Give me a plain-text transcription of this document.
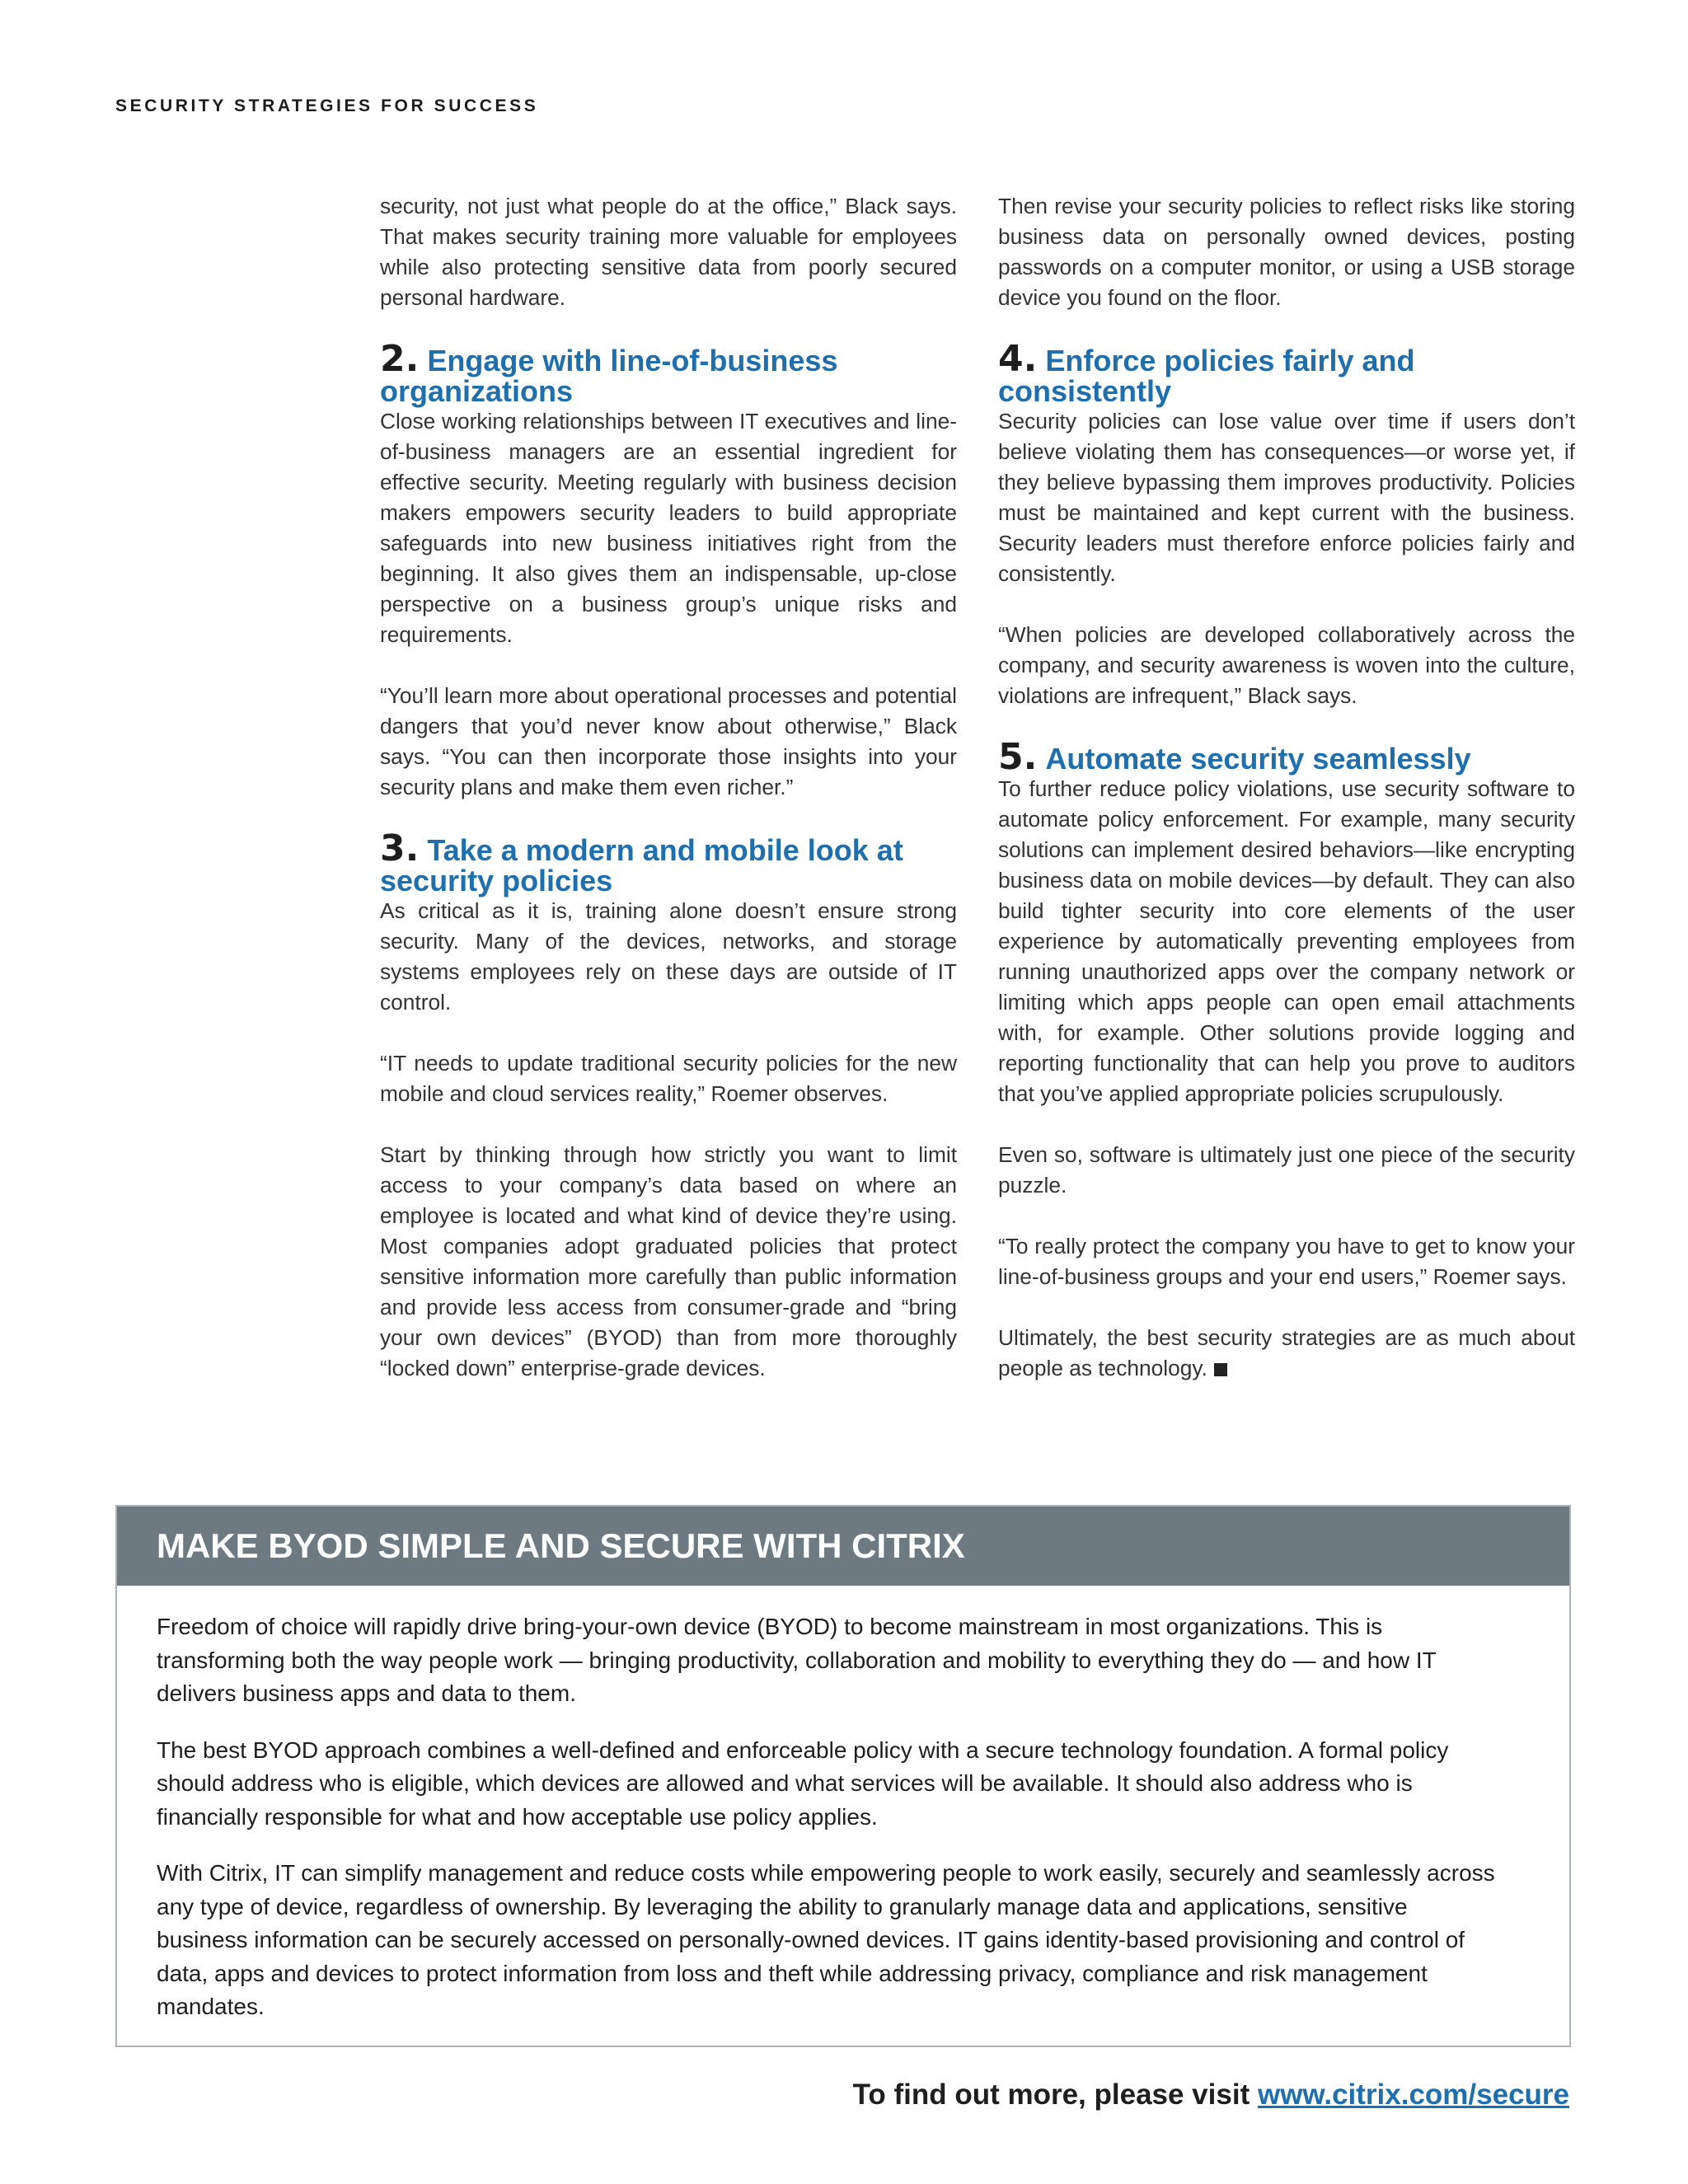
SECURITY STRATEGIES FOR SUCCESS

security, not just what people do at the office,” Black says. That makes security training more valuable for employees while also protecting sensitive data from poorly secured personal hardware.

2. Engage with line-of-business organizations

Close working relationships between IT executives and line-of-business managers are an essential ingredient for effective security. Meeting regularly with business decision makers empowers security leaders to build appropriate safeguards into new business initiatives right from the beginning. It also gives them an indispensable, up-close perspective on a business group’s unique risks and requirements.

“You’ll learn more about operational processes and potential dangers that you’d never know about otherwise,” Black says. “You can then incorporate those insights into your security plans and make them even richer.”

3. Take a modern and mobile look at security policies

As critical as it is, training alone doesn’t ensure strong security. Many of the devices, networks, and storage systems employees rely on these days are outside of IT control.

“IT needs to update traditional security policies for the new mobile and cloud services reality,” Roemer observes.

Start by thinking through how strictly you want to limit access to your company’s data based on where an employee is located and what kind of device they’re using. Most companies adopt graduated policies that protect sensitive information more carefully than public information and provide less access from consumer-grade and “bring your own devices” (BYOD) than from more thoroughly “locked down” enterprise-grade devices.

Then revise your security policies to reflect risks like storing business data on personally owned devices, posting passwords on a computer monitor, or using a USB storage device you found on the floor.

4. Enforce policies fairly and consistently

Security policies can lose value over time if users don’t believe violating them has consequences—or worse yet, if they believe bypassing them improves productivity. Policies must be maintained and kept current with the business. Security leaders must therefore enforce policies fairly and consistently.

“When policies are developed collaboratively across the company, and security awareness is woven into the culture, violations are infrequent,” Black says.

5. Automate security seamlessly

To further reduce policy violations, use security software to automate policy enforcement. For example, many security solutions can implement desired behaviors—like encrypting business data on mobile devices—by default. They can also build tighter security into core elements of the user experience by automatically preventing employees from running unauthorized apps over the company network or limiting which apps people can open email attachments with, for example. Other solutions provide logging and reporting functionality that can help you prove to auditors that you’ve applied appropriate policies scrupulously.

Even so, software is ultimately just one piece of the security puzzle.

“To really protect the company you have to get to know your line-of-business groups and your end users,” Roemer says.

Ultimately, the best security strategies are as much about people as technology.

MAKE BYOD SIMPLE AND SECURE WITH CITRIX

Freedom of choice will rapidly drive bring-your-own device (BYOD) to become mainstream in most organizations. This is transforming both the way people work — bringing productivity, collaboration and mobility to everything they do — and how IT delivers business apps and data to them.

The best BYOD approach combines a well-defined and enforceable policy with a secure technology foundation. A formal policy should address who is eligible, which devices are allowed and what services will be available. It should also address who is financially responsible for what and how acceptable use policy applies.

With Citrix, IT can simplify management and reduce costs while empowering people to work easily, securely and seamlessly across any type of device, regardless of ownership. By leveraging the ability to granularly manage data and applications, sensitive business information can be securely accessed on personally-owned devices. IT gains identity-based provisioning and control of data, apps and devices to protect information from loss and theft while addressing privacy, compliance and risk management mandates.

To find out more, please visit www.citrix.com/secure
